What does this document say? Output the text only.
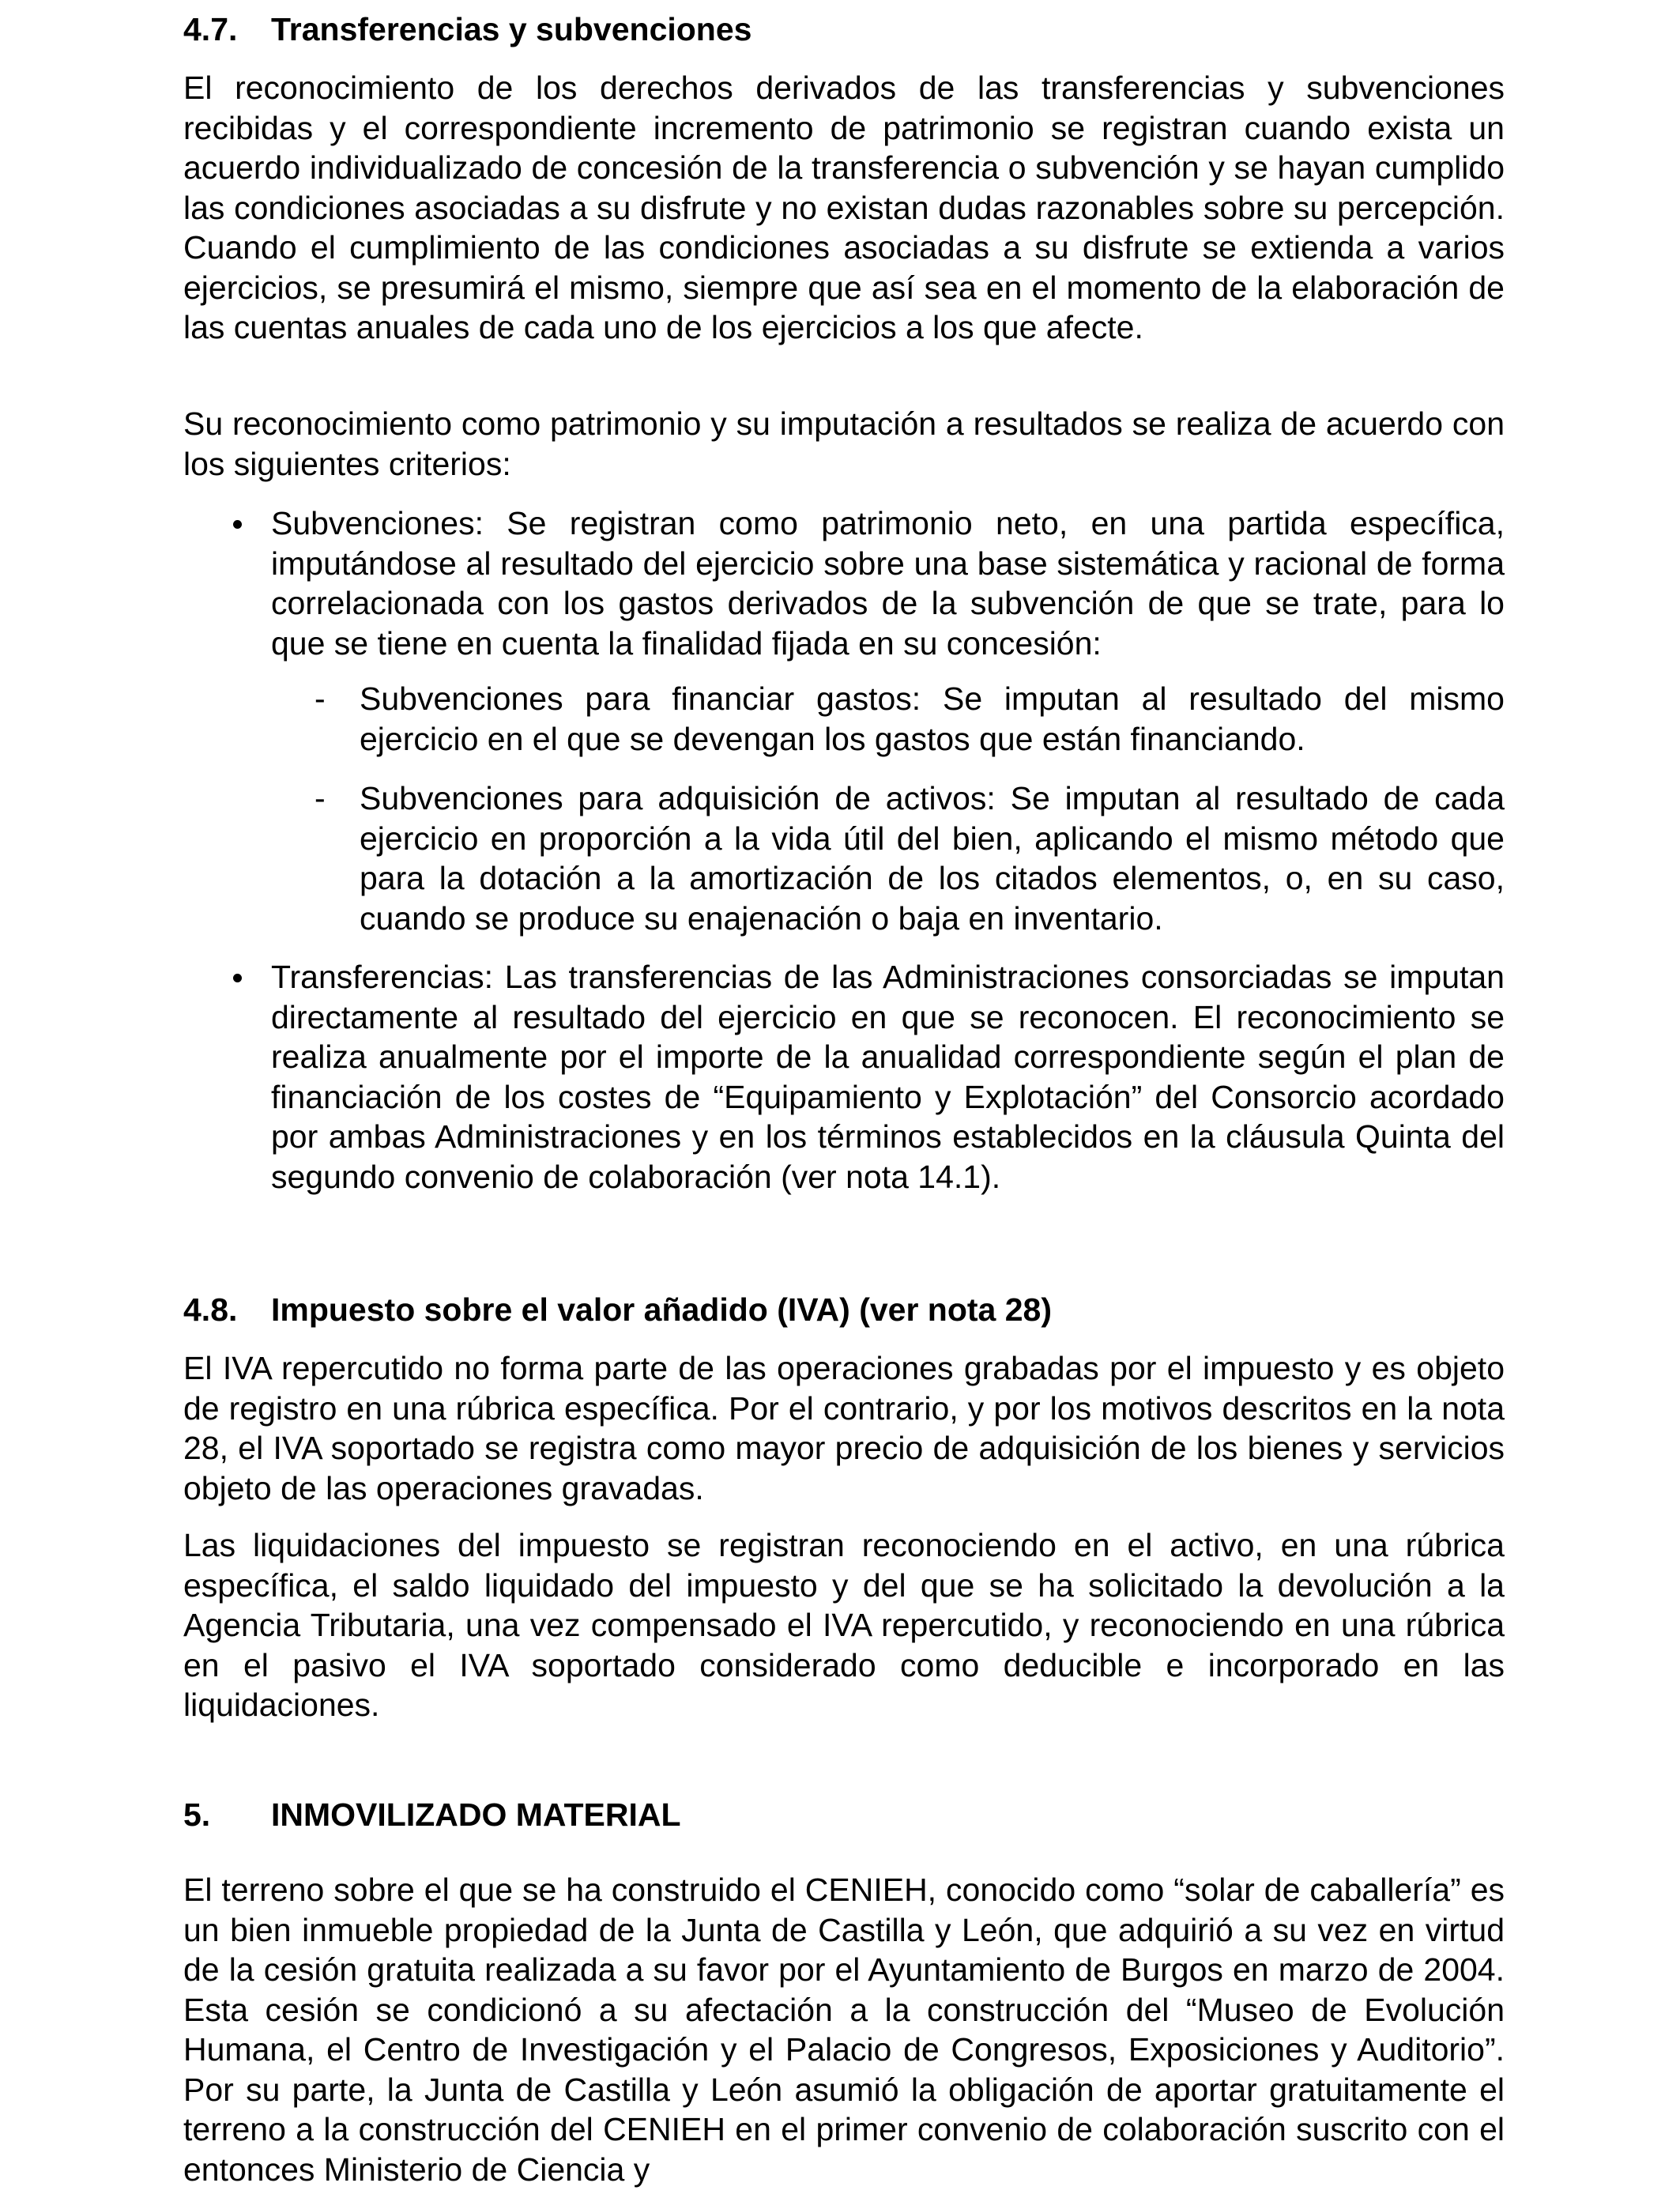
4.7.	Transferencias y subvenciones

El reconocimiento de los derechos derivados de las transferencias y subvenciones recibidas y el correspondiente incremento de patrimonio se registran cuando exista un acuerdo individualizado de concesión de la transferencia o subvención y se hayan cumplido las condiciones asociadas a su disfrute y no existan dudas razonables sobre su percepción. Cuando el cumplimiento de las condiciones asociadas a su disfrute se extienda a varios ejercicios, se presumirá el mismo, siempre que así sea en el momento de la elaboración de las cuentas anuales de cada uno de los ejercicios a los que afecte.

Su reconocimiento como patrimonio y su imputación a resultados se realiza de acuerdo con los siguientes criterios:

Subvenciones: Se registran como patrimonio neto, en una partida específica, imputándose al resultado del ejercicio sobre una base sistemática y racional de forma correlacionada con los gastos derivados de la subvención de que se trate, para lo que se tiene en cuenta la finalidad fijada en su concesión:
- Subvenciones para financiar gastos: Se imputan al resultado del mismo ejercicio en el que se devengan los gastos que están financiando.
- Subvenciones para adquisición de activos: Se imputan al resultado de cada ejercicio en proporción a la vida útil del bien, aplicando el mismo método que para la dotación a la amortización de los citados elementos, o, en su caso, cuando se produce su enajenación o baja en inventario.
Transferencias: Las transferencias de las Administraciones consorciadas se imputan directamente al resultado del ejercicio en que se reconocen. El reconocimiento se realiza anualmente por el importe de la anualidad correspondiente según el plan de financiación de los costes de “Equipamiento y Explotación” del Consorcio acordado por ambas Administraciones y en los términos establecidos en la cláusula Quinta del segundo convenio de colaboración (ver nota 14.1).
4.8.	Impuesto sobre el valor añadido (IVA) (ver nota 28)

El IVA repercutido no forma parte de las operaciones grabadas por el impuesto y es objeto de registro en una rúbrica específica. Por el contrario, y por los motivos descritos en la nota 28, el IVA soportado se registra como mayor precio de adquisición de los bienes y servicios objeto de las operaciones gravadas.

Las liquidaciones del impuesto se registran reconociendo en el activo, en una rúbrica específica, el saldo liquidado del impuesto y del que se ha solicitado la devolución a la Agencia Tributaria, una vez compensado el IVA repercutido, y reconociendo en una rúbrica en el pasivo el IVA soportado considerado como deducible e incorporado en las liquidaciones.

5.	INMOVILIZADO MATERIAL

El terreno sobre el que se ha construido el CENIEH, conocido como “solar de caballería” es un bien inmueble propiedad de la Junta de Castilla y León, que adquirió a su vez en virtud de la cesión gratuita realizada a su favor por el Ayuntamiento de Burgos en marzo de 2004. Esta cesión se condicionó a su afectación a la construcción del “Museo de Evolución Humana, el Centro de Investigación y el Palacio de Congresos, Exposiciones y Auditorio”. Por su parte, la Junta de Castilla y León asumió la obligación de aportar gratuitamente el terreno a la construcción del CENIEH en el primer convenio de colaboración suscrito con el entonces Ministerio de Ciencia y
